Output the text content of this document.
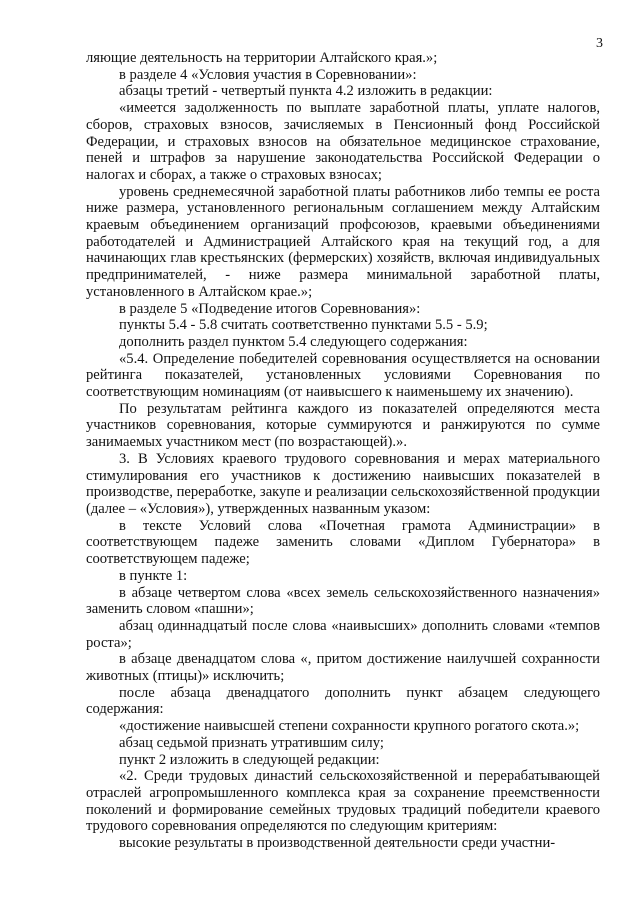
3

ляющие деятельность на территории Алтайского края.»;

в разделе 4 «Условия участия в Соревновании»:

абзацы третий - четвертый пункта 4.2 изложить в редакции:

«имеется задолженность по выплате заработной платы, уплате налогов, сборов, страховых взносов, зачисляемых в Пенсионный фонд Российской Федерации, и страховых взносов на обязательное медицинское страхование, пеней и штрафов за нарушение законодательства Российской Федерации о налогах и сборах, а также о страховых взносах;

уровень среднемесячной заработной платы работников либо темпы ее роста ниже размера, установленного региональным соглашением между Алтайским краевым объединением организаций профсоюзов, краевыми объединениями работодателей и Администрацией Алтайского края на текущий год, а для начинающих глав крестьянских (фермерских) хозяйств, включая индивидуальных предпринимателей, - ниже размера минимальной заработной платы, установленного в Алтайском крае.»;

в разделе 5 «Подведение итогов Соревнования»:

пункты 5.4 - 5.8 считать соответственно пунктами 5.5 - 5.9;

дополнить раздел пунктом 5.4 следующего содержания:

«5.4. Определение победителей соревнования осуществляется на основании рейтинга показателей, установленных условиями Соревнования по соответствующим номинациям (от наивысшего к наименьшему их значению).

По результатам рейтинга каждого из показателей определяются места участников соревнования, которые суммируются и ранжируются по сумме занимаемых участником мест (по возрастающей).».

3. В Условиях краевого трудового соревнования и мерах материального стимулирования его участников к достижению наивысших показателей в производстве, переработке, закупе и реализации сельскохозяйственной продукции (далее – «Условия»), утвержденных названным указом:

в тексте Условий слова «Почетная грамота Администрации» в соответствующем падеже заменить словами «Диплом Губернатора» в соответствующем падеже;

в пункте 1:

в абзаце четвертом слова «всех земель сельскохозяйственного назначения» заменить словом «пашни»;

абзац одиннадцатый после слова «наивысших» дополнить словами «темпов роста»;

в абзаце двенадцатом слова «, притом достижение наилучшей сохранности животных (птицы)» исключить;

после абзаца двенадцатого дополнить пункт абзацем следующего содержания:

«достижение наивысшей степени сохранности крупного рогатого скота.»;

абзац седьмой признать утратившим силу;

пункт 2 изложить в следующей редакции:

«2. Среди трудовых династий сельскохозяйственной и перерабатывающей отраслей агропромышленного комплекса края за сохранение преемственности поколений и формирование семейных трудовых традиций победители краевого трудового соревнования определяются по следующим критериям:

высокие результаты в производственной деятельности среди участни-
